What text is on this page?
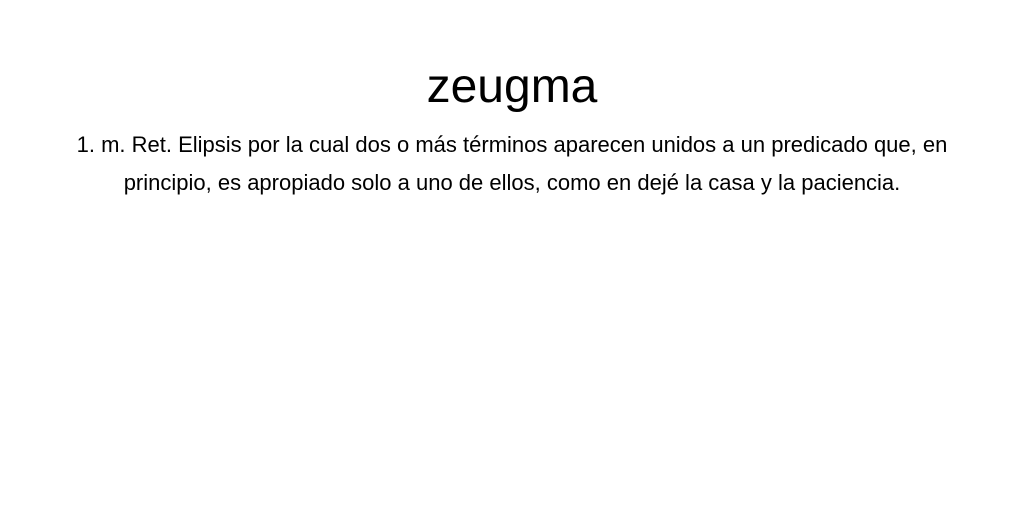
zeugma

1. m. Ret. Elipsis por la cual dos o más términos aparecen unidos a un predicado que, en principio, es apropiado solo a uno de ellos, como en dejé la casa y la paciencia.
